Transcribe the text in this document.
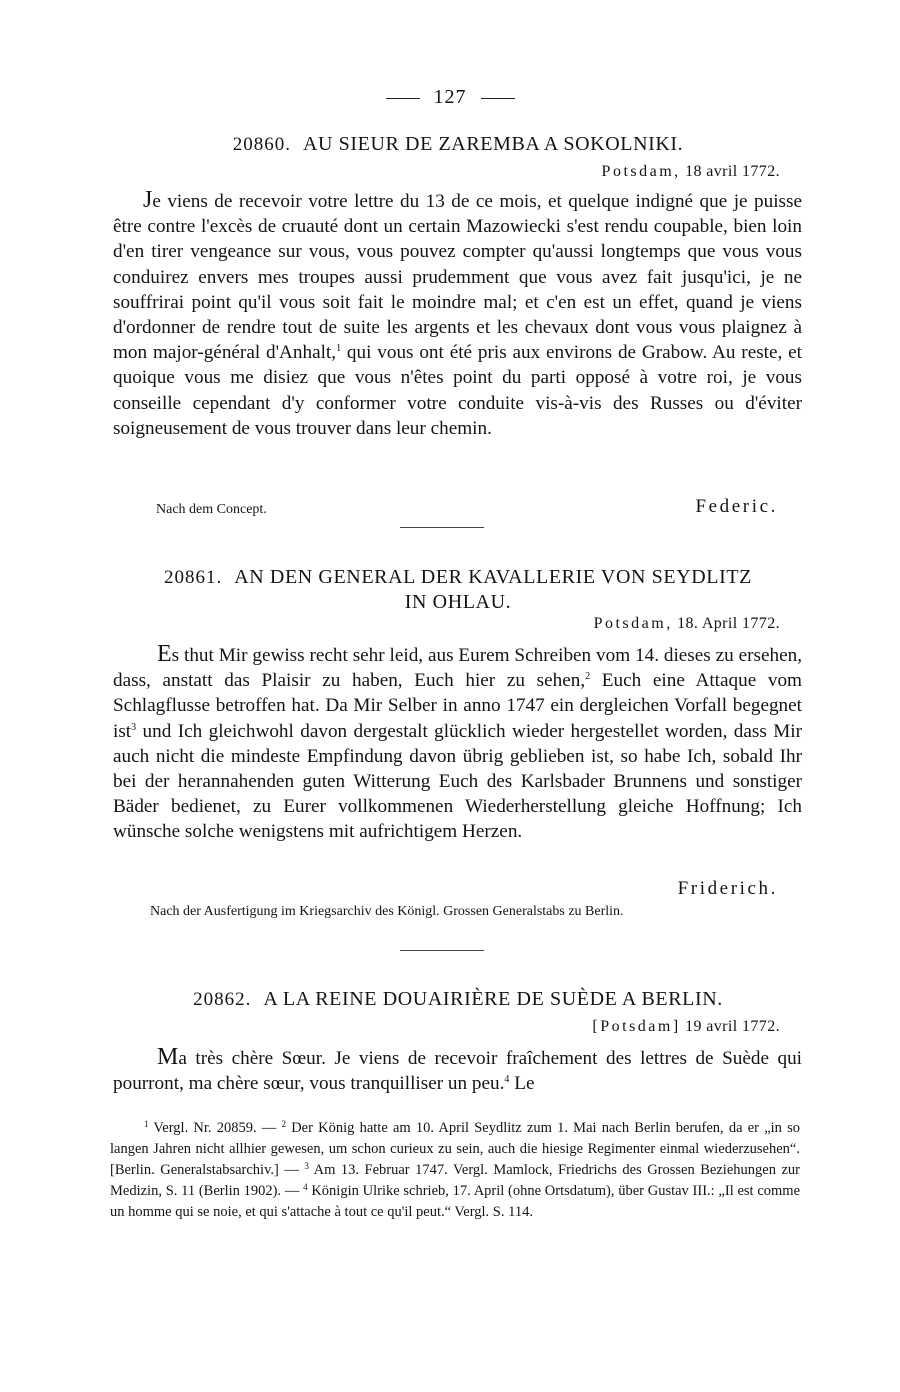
127
20860. AU SIEUR DE ZAREMBA A SOKOLNIKI.
Potsdam, 18 avril 1772.

Je viens de recevoir votre lettre du 13 de ce mois, et quelque indigné que je puisse être contre l'excès de cruauté dont un certain Mazowiecki s'est rendu coupable, bien loin d'en tirer vengeance sur vous, vous pouvez compter qu'aussi longtemps que vous vous conduirez envers mes troupes aussi prudemment que vous avez fait jusqu'ici, je ne souffrirai point qu'il vous soit fait le moindre mal; et c'en est un effet, quand je viens d'ordonner de rendre tout de suite les argents et les chevaux dont vous vous plaignez à mon major-général d'Anhalt,$^1$ qui vous ont été pris aux environs de Grabow. Au reste, et quoique vous me disiez que vous n'êtes point du parti opposé à votre roi, je vous conseille cependant d'y conformer votre conduite vis-à-vis des Russes ou d'éviter soigneusement de vous trouver dans leur chemin.

Nach dem Concept.	Federic.
20861. AN DEN GENERAL DER KAVALLERIE VON SEYDLITZ
IN OHLAU.
Potsdam, 18. April 1772.

Es thut Mir gewiss recht sehr leid, aus Eurem Schreiben vom 14. dieses zu ersehen, dass, anstatt das Plaisir zu haben, Euch hier zu sehen,$^2$ Euch eine Attaque vom Schlagflusse betroffen hat. Da Mir Selber in anno 1747 ein dergleichen Vorfall begegnet ist$^3$ und Ich gleichwohl davon dergestalt glücklich wieder hergestellet worden, dass Mir auch nicht die mindeste Empfindung davon übrig geblieben ist, so habe Ich, sobald Ihr bei der herannahenden guten Witterung Euch des Karlsbader Brunnens und sonstiger Bäder bedienet, zu Eurer vollkommenen Wiederherstellung gleiche Hoffnung; Ich wünsche solche wenigstens mit aufrichtigem Herzen.

Friderich.
Nach der Ausfertigung im Kriegsarchiv des Königl. Grossen Generalstabs zu Berlin.
20862. A LA REINE DOUAIRIÈRE DE SUÈDE A BERLIN.
[Potsdam] 19 avril 1772.

Ma très chère Sœur. Je viens de recevoir fraîchement des lettres de Suède qui pourront, ma chère sœur, vous tranquilliser un peu.$^4$ Le

$^1$ Vergl. Nr. 20859. — $^2$ Der König hatte am 10. April Seydlitz zum 1. Mai nach Berlin berufen, da er „in so langen Jahren nicht allhier gewesen, um schon curieux zu sein, auch die hiesige Regimenter einmal wiederzusehen“. [Berlin. Generalstabsarchiv.] — $^3$ Am 13. Februar 1747. Vergl. Mamlock, Friedrichs des Grossen Beziehungen zur Medizin, S. 11 (Berlin 1902). — $^4$ Königin Ulrike schrieb, 17. April (ohne Ortsdatum), über Gustav III.: „Il est comme un homme qui se noie, et qui s'attache à tout ce qu'il peut.“ Vergl. S. 114.
